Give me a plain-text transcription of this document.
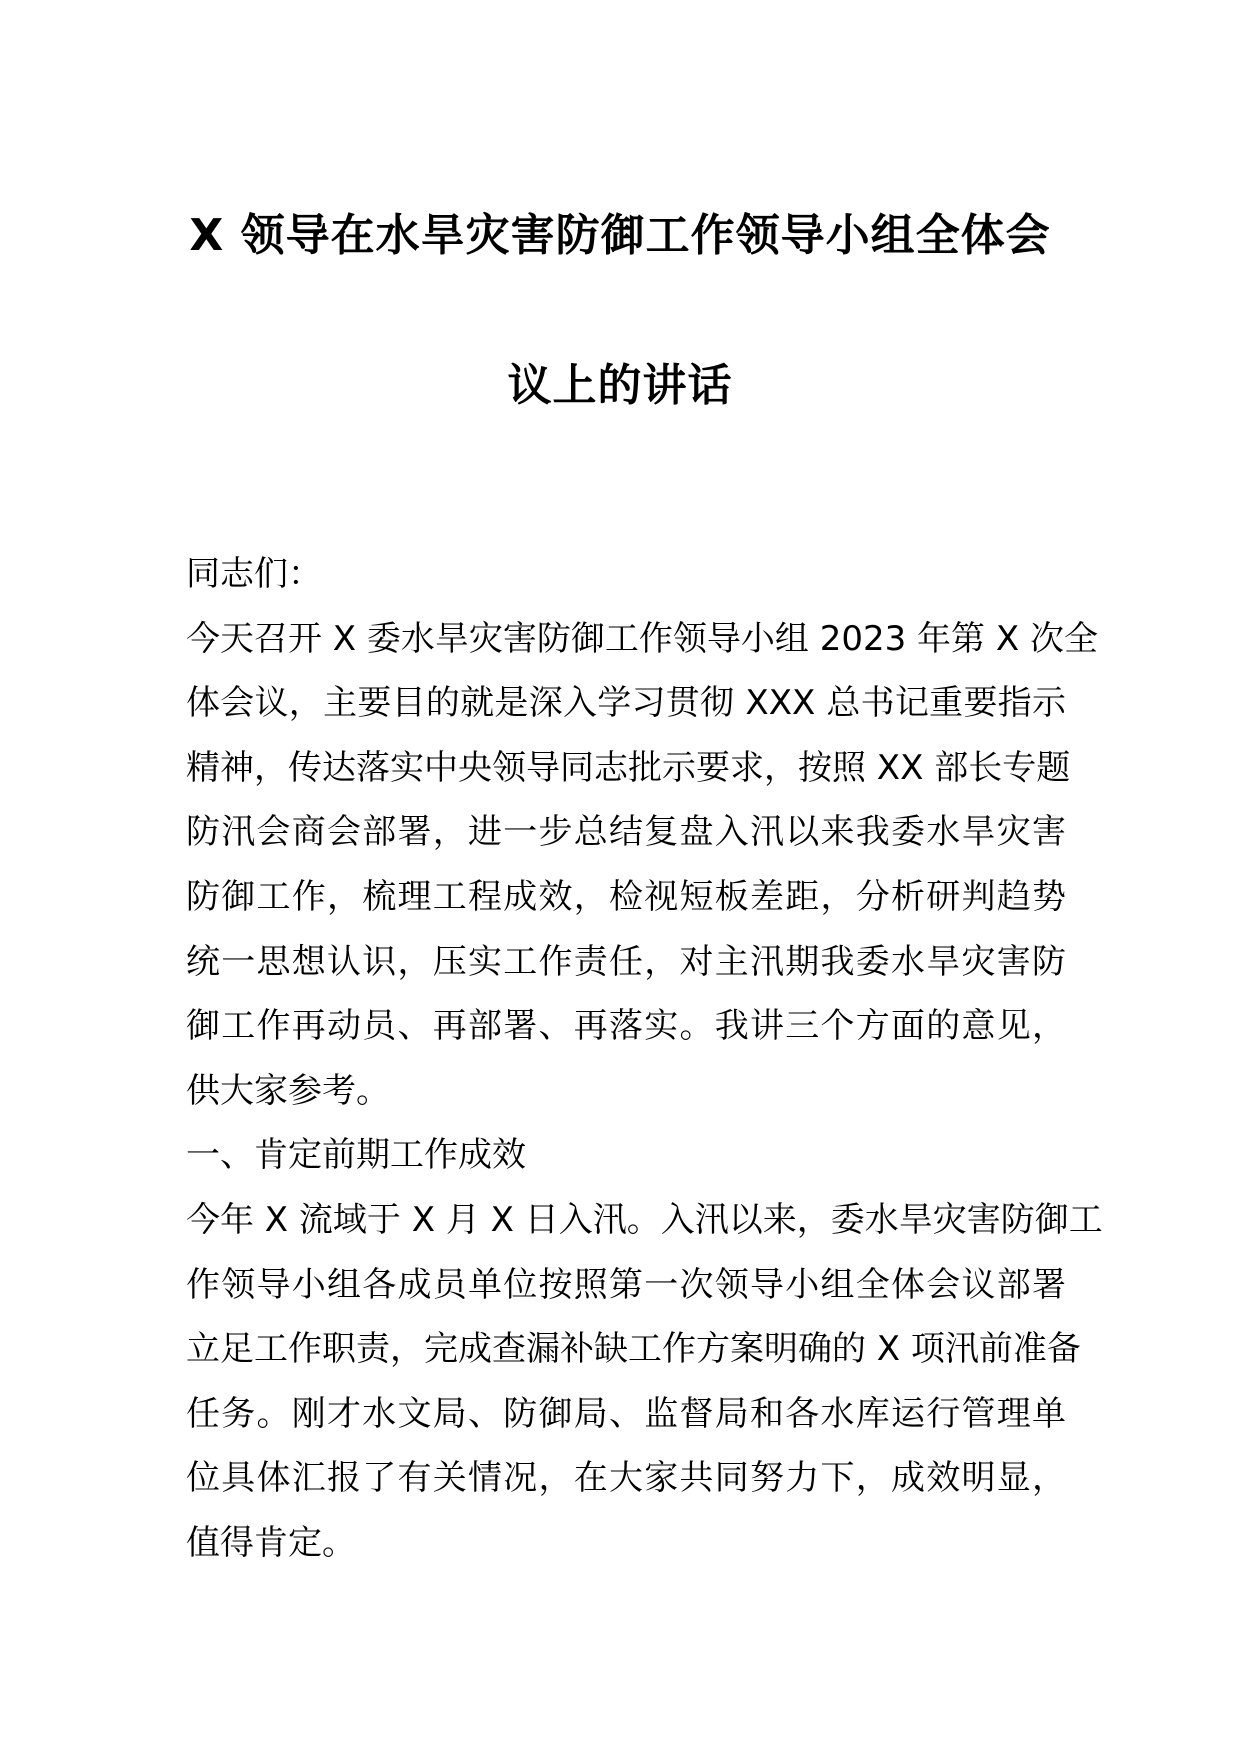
X 领导在水旱灾害防御工作领导小组全体会
议上的讲话
同志们：
今天召开 X 委水旱灾害防御工作领导小组 2023 年第 X 次全
体会议，主要目的就是深入学习贯彻 XXX 总书记重要指示
精神，传达落实中央领导同志批示要求，按照 XX 部长专题
防汛会商会部署，进一步总结复盘入汛以来我委水旱灾害
防御工作，梳理工程成效，检视短板差距，分析研判趋势
统一思想认识，压实工作责任，对主汛期我委水旱灾害防
御工作再动员、再部署、再落实。我讲三个方面的意见，
供大家参考。
一、肯定前期工作成效
今年 X 流域于 X 月 X 日入汛。入汛以来，委水旱灾害防御工
作领导小组各成员单位按照第一次领导小组全体会议部署
立足工作职责，完成查漏补缺工作方案明确的 X 项汛前准备
任务。刚才水文局、防御局、监督局和各水库运行管理单
位具体汇报了有关情况，在大家共同努力下，成效明显，
值得肯定。
